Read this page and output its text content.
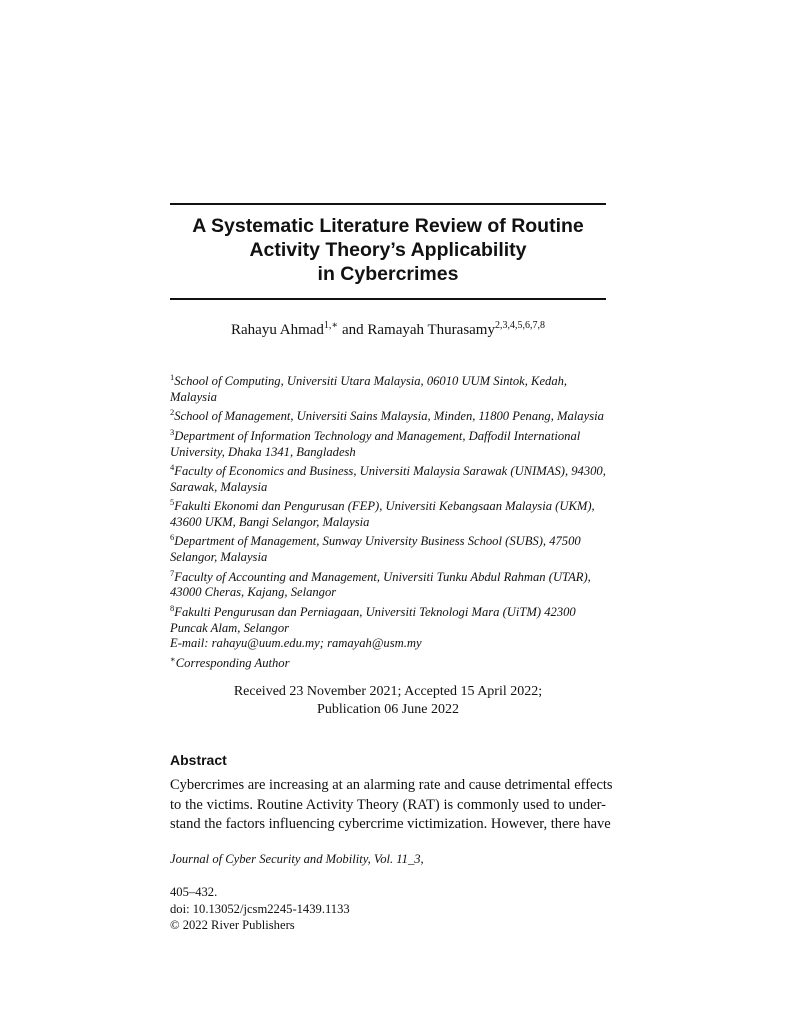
A Systematic Literature Review of Routine
Activity Theory’s Applicability
in Cybercrimes
Rahayu Ahmad$^{1,∗}$ and Ramayah Thurasamy$^{2,3,4,5,6,7,8}$
$^1$School of Computing, Universiti Utara Malaysia, 06010 UUM Sintok, Kedah, Malaysia
$^2$School of Management, Universiti Sains Malaysia, Minden, 11800 Penang, Malaysia
$^3$Department of Information Technology and Management, Daffodil International University, Dhaka 1341, Bangladesh
$^4$Faculty of Economics and Business, Universiti Malaysia Sarawak (UNIMAS), 94300, Sarawak, Malaysia
$^5$Fakulti Ekonomi dan Pengurusan (FEP), Universiti Kebangsaan Malaysia (UKM), 43600 UKM, Bangi Selangor, Malaysia
$^6$Department of Management, Sunway University Business School (SUBS), 47500 Selangor, Malaysia
$^7$Faculty of Accounting and Management, Universiti Tunku Abdul Rahman (UTAR), 43000 Cheras, Kajang, Selangor
$^8$Fakulti Pengurusan dan Perniagaan, Universiti Teknologi Mara (UiTM) 42300 Puncak Alam, Selangor
E-mail: rahayu@uum.edu.my; ramayah@usm.my
∗Corresponding Author
Received 23 November 2021; Accepted 15 April 2022;
Publication 06 June 2022
Abstract
Cybercrimes are increasing at an alarming rate and cause detrimental effects
to the victims. Routine Activity Theory (RAT) is commonly used to under-
stand the factors influencing cybercrime victimization. However, there have
Journal of Cyber Security and Mobility, Vol. 11_3,

405–432.
doi: 10.13052/jcsm2245-1439.1133
© 2022 River Publishers
